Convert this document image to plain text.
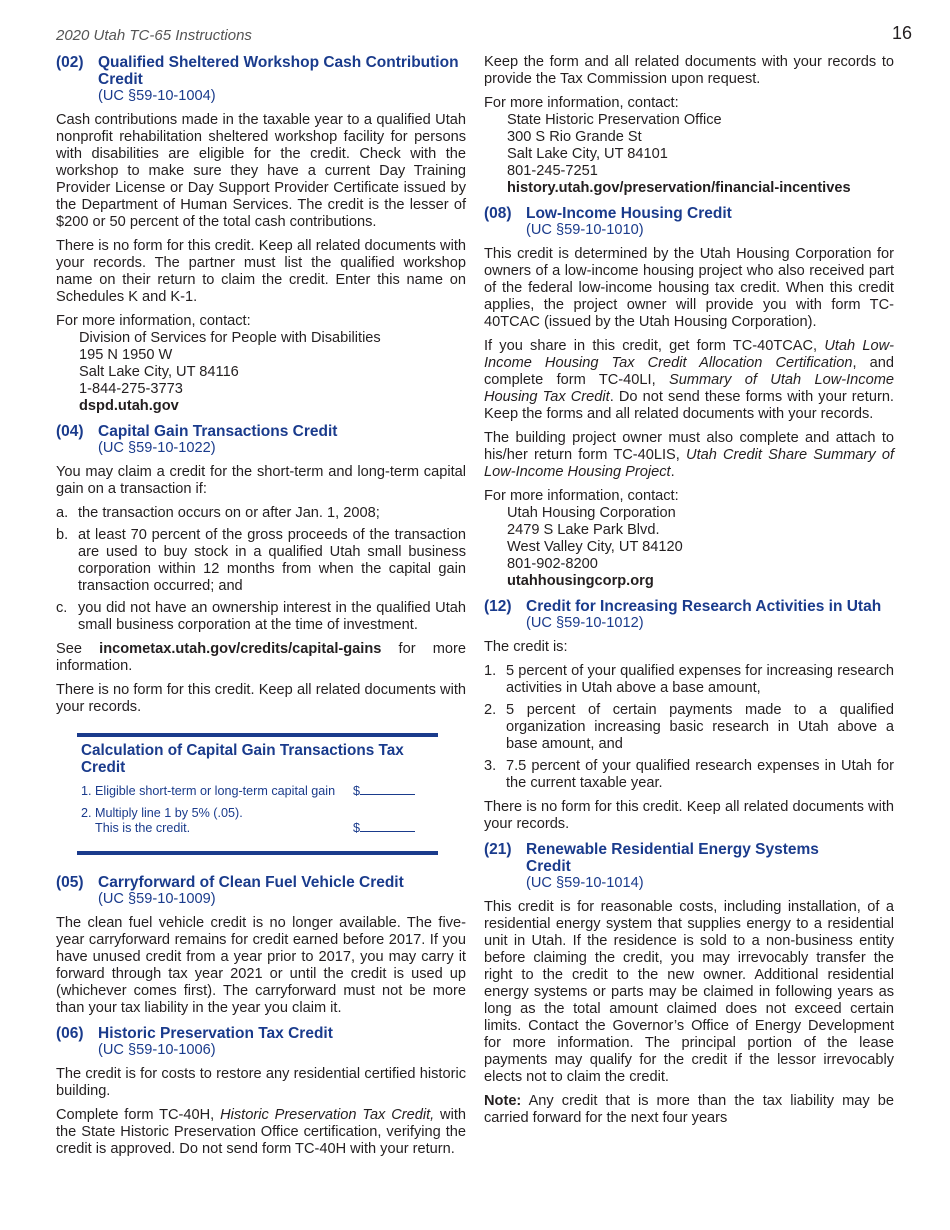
2020 Utah TC-65 Instructions	16
(02) Qualified Sheltered Workshop Cash Contribution Credit
(UC §59-10-1004)

Cash contributions made in the taxable year to a qualified Utah nonprofit rehabilitation sheltered workshop facility for persons with disabilities are eligible for the credit. Check with the workshop to make sure they have a current Day Training Provider License or Day Support Provider Certificate issued by the Department of Human Services. The credit is the lesser of $200 or 50 percent of the total cash contributions.

There is no form for this credit. Keep all related documents with your records. The partner must list the qualified workshop name on their return to claim the credit. Enter this name on Schedules K and K-1.

For more information, contact:
Division of Services for People with Disabilities
195 N 1950 W
Salt Lake City, UT 84116
1-844-275-3773
dspd.utah.gov
(04) Capital Gain Transactions Credit
(UC §59-10-1022)

You may claim a credit for the short-term and long-term capital gain on a transaction if:

a. the transaction occurs on or after Jan. 1, 2008;
b. at least 70 percent of the gross proceeds of the transaction are used to buy stock in a qualified Utah small business corporation within 12 months from when the capital gain transaction occurred; and
c. you did not have an ownership interest in the qualified Utah small business corporation at the time of investment.

See incometax.utah.gov/credits/capital-gains for more information.

There is no form for this credit. Keep all related documents with your records.

Calculation of Capital Gain Transactions Tax Credit
1. Eligible short-term or long-term capital gain $
2. Multiply line 1 by 5% (.05).
This is the credit.	$
(05) Carryforward of Clean Fuel Vehicle Credit
(UC §59-10-1009)

The clean fuel vehicle credit is no longer available. The five-year carryforward remains for credit earned before 2017. If you have unused credit from a year prior to 2017, you may carry it forward through tax year 2021 or until the credit is used up (whichever comes first). The carryforward must not be more than your tax liability in the year you claim it.

(06) Historic Preservation Tax Credit
(UC §59-10-1006)

The credit is for costs to restore any residential certified historic building.

Complete form TC-40H, Historic Preservation Tax Credit, with the State Historic Preservation Office certification, verifying the credit is approved. Do not send form TC-40H with your return.

Keep the form and all related documents with your records to provide the Tax Commission upon request.

For more information, contact:
State Historic Preservation Office
300 S Rio Grande St
Salt Lake City, UT 84101
801-245-7251
history.utah.gov/preservation/financial-incentives
(08) Low-Income Housing Credit
(UC §59-10-1010)

This credit is determined by the Utah Housing Corporation for owners of a low-income housing project who also received part of the federal low-income housing tax credit. When this credit applies, the project owner will provide you with form TC-40TCAC (issued by the Utah Housing Corporation).

If you share in this credit, get form TC-40TCAC, Utah Low-Income Housing Tax Credit Allocation Certification, and complete form TC-40LI, Summary of Utah Low-Income Housing Tax Credit. Do not send these forms with your return. Keep the forms and all related documents with your records.

The building project owner must also complete and attach to his/her return form TC-40LIS, Utah Credit Share Summary of Low-Income Housing Project.

For more information, contact:
Utah Housing Corporation
2479 S Lake Park Blvd.
West Valley City, UT 84120
801-902-8200
utahhousingcorp.org
(12) Credit for Increasing Research Activities in Utah
(UC §59-10-1012)

The credit is:

1. 5 percent of your qualified expenses for increasing research activities in Utah above a base amount,
2. 5 percent of certain payments made to a qualified organization increasing basic research in Utah above a base amount, and
3. 7.5 percent of your qualified research expenses in Utah for the current taxable year.

There is no form for this credit. Keep all related documents with your records.

(21) Renewable Residential Energy Systems Credit
(UC §59-10-1014)

This credit is for reasonable costs, including installation, of a residential energy system that supplies energy to a residential unit in Utah. If the residence is sold to a non-business entity before claiming the credit, you may irrevocably transfer the right to the credit to the new owner. Additional residential energy systems or parts may be claimed in following years as long as the total amount claimed does not exceed certain limits. Contact the Governor’s Office of Energy Development for more information. The principal portion of the lease payments may qualify for the credit if the lessor irrevocably elects not to claim the credit.

Note: Any credit that is more than the tax liability may be carried forward for the next four years
